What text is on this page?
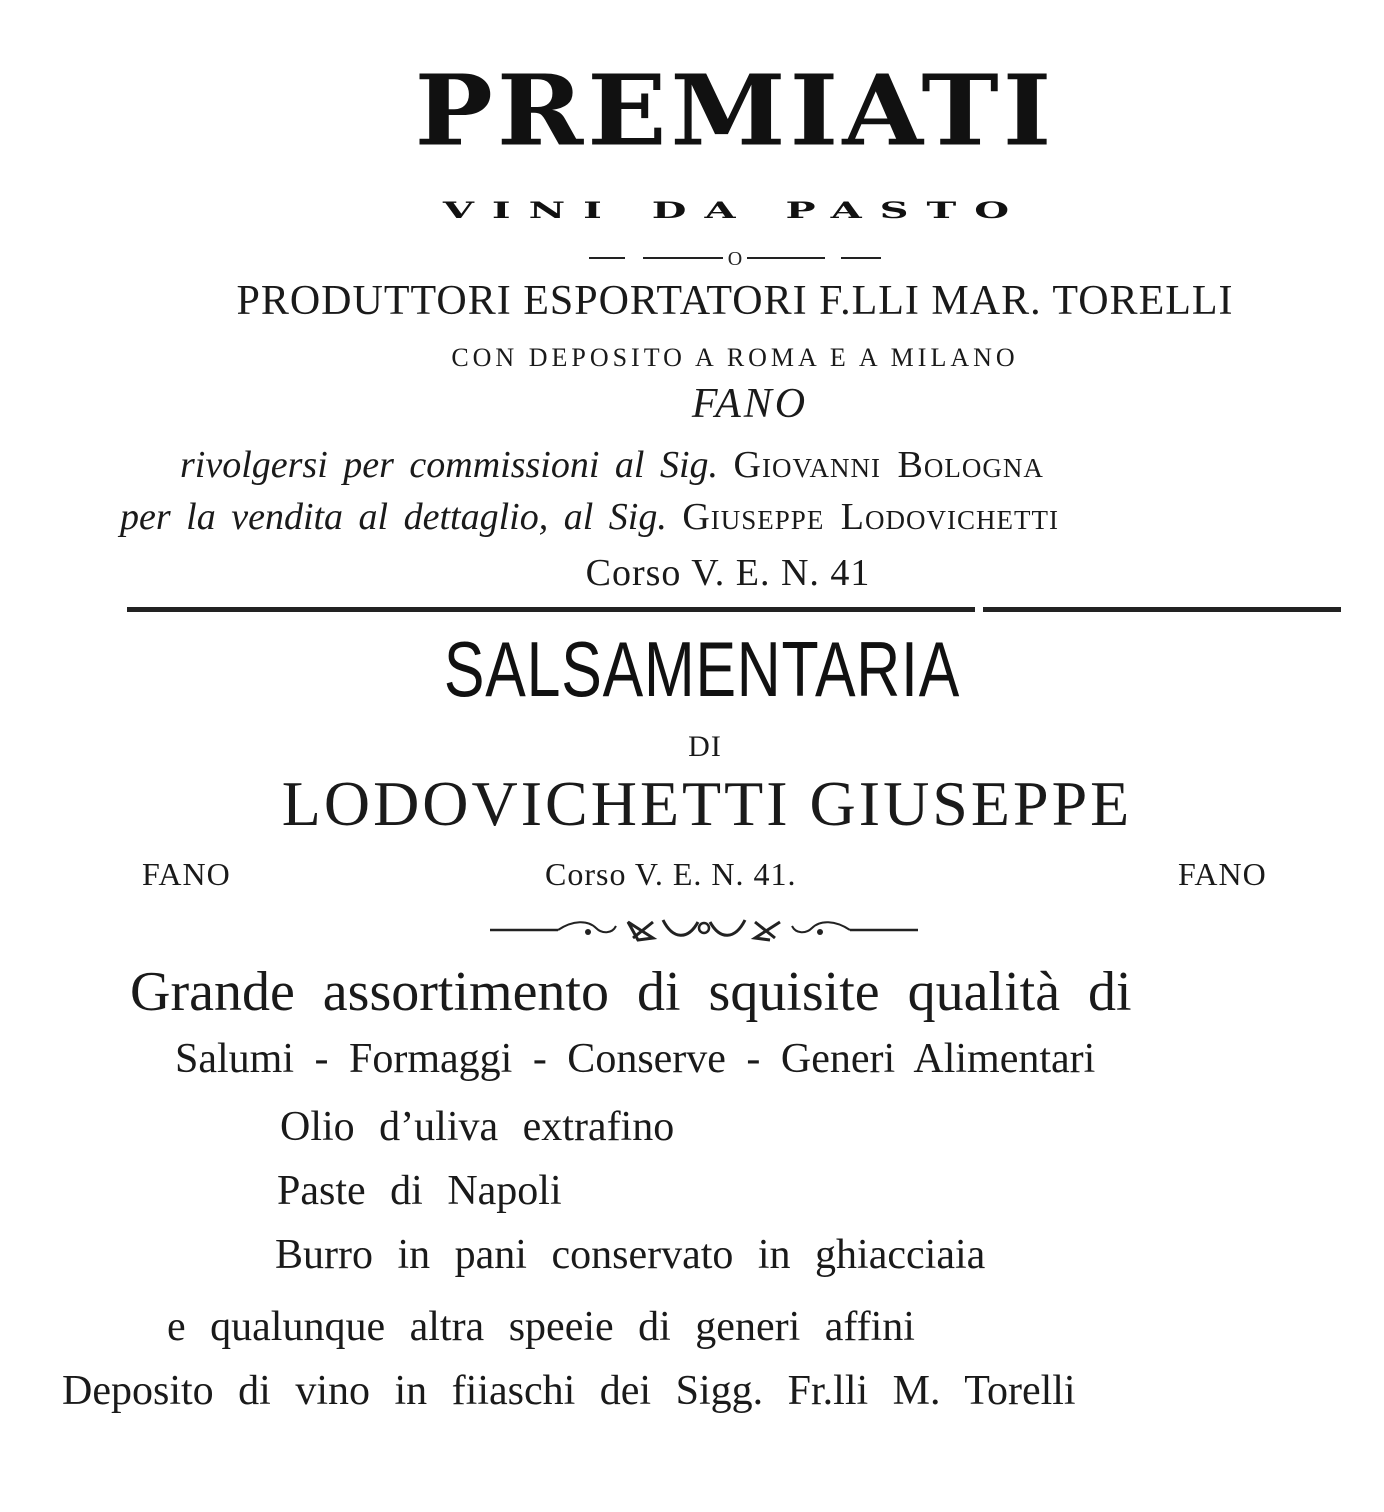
PREMIATI
VINI DA PASTO
O
PRODUTTORI ESPORTATORI F.LLI MAR. TORELLI
CON DEPOSITO A ROMA E A MILANO
FANO
rivolgersi per commissioni al Sig. Giovanni Bologna
per la vendita al dettaglio, al Sig. Giuseppe Lodovichetti
Corso V. E. N. 41
SALSAMENTARIA
DI
LODOVICHETTI GIUSEPPE
FANO	Corso V. E. N. 41.	FANO
Grande assortimento di squisite qualità di
Salumi - Formaggi - Conserve - Generi Alimentari
Olio d’uliva extrafino
Paste di Napoli
Burro in pani conservato in ghiacciaia
e qualunque altra speeie di generi affini
Deposito di vino in fiiaschi dei Sigg. Fr.lli M. Torelli
